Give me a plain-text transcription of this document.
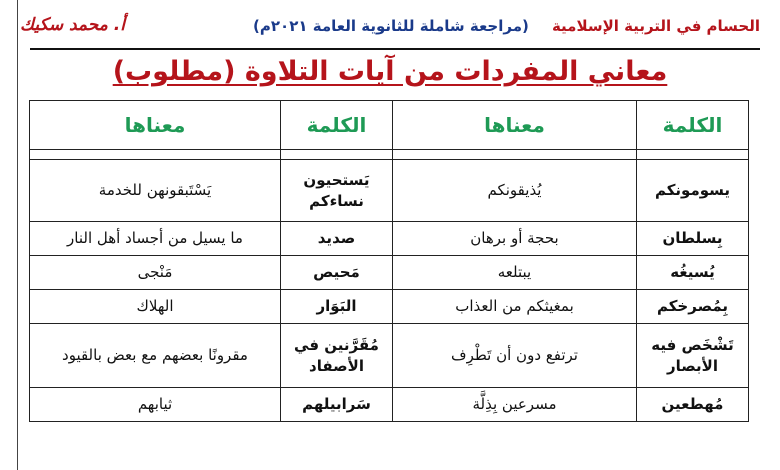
الحسام في التربية الإسلامية (مراجعة شاملة للثانوية العامة ٢٠٢١م)
أ. محمد سكيك
معاني المفردات من آيات التلاوة (مطلوب)
الكلمة	معناها	الكلمة	معناها

يسومونكم	يُذيقونكم	يَستحيون نساءكم	يَسْتَبقونهن للخدمة
بِسلطان	بحجة أو برهان	صديد	ما يسيل من أجساد أهل النار
يُسيغُه	يبتلعه	مَحيص	مَنْجى
بِمُصرخكم	بمغيثكم من العذاب	البَوَار	الهلاك
تَشْخَص فيه الأبصار	ترتفع دون أن تَطْرِف	مُقَرَّنين في الأصفاد	مقرونًا بعضهم مع بعض بالقيود
مُهطعين	مسرعين بِذِلَّة	سَرابيلهم	ثيابهم
